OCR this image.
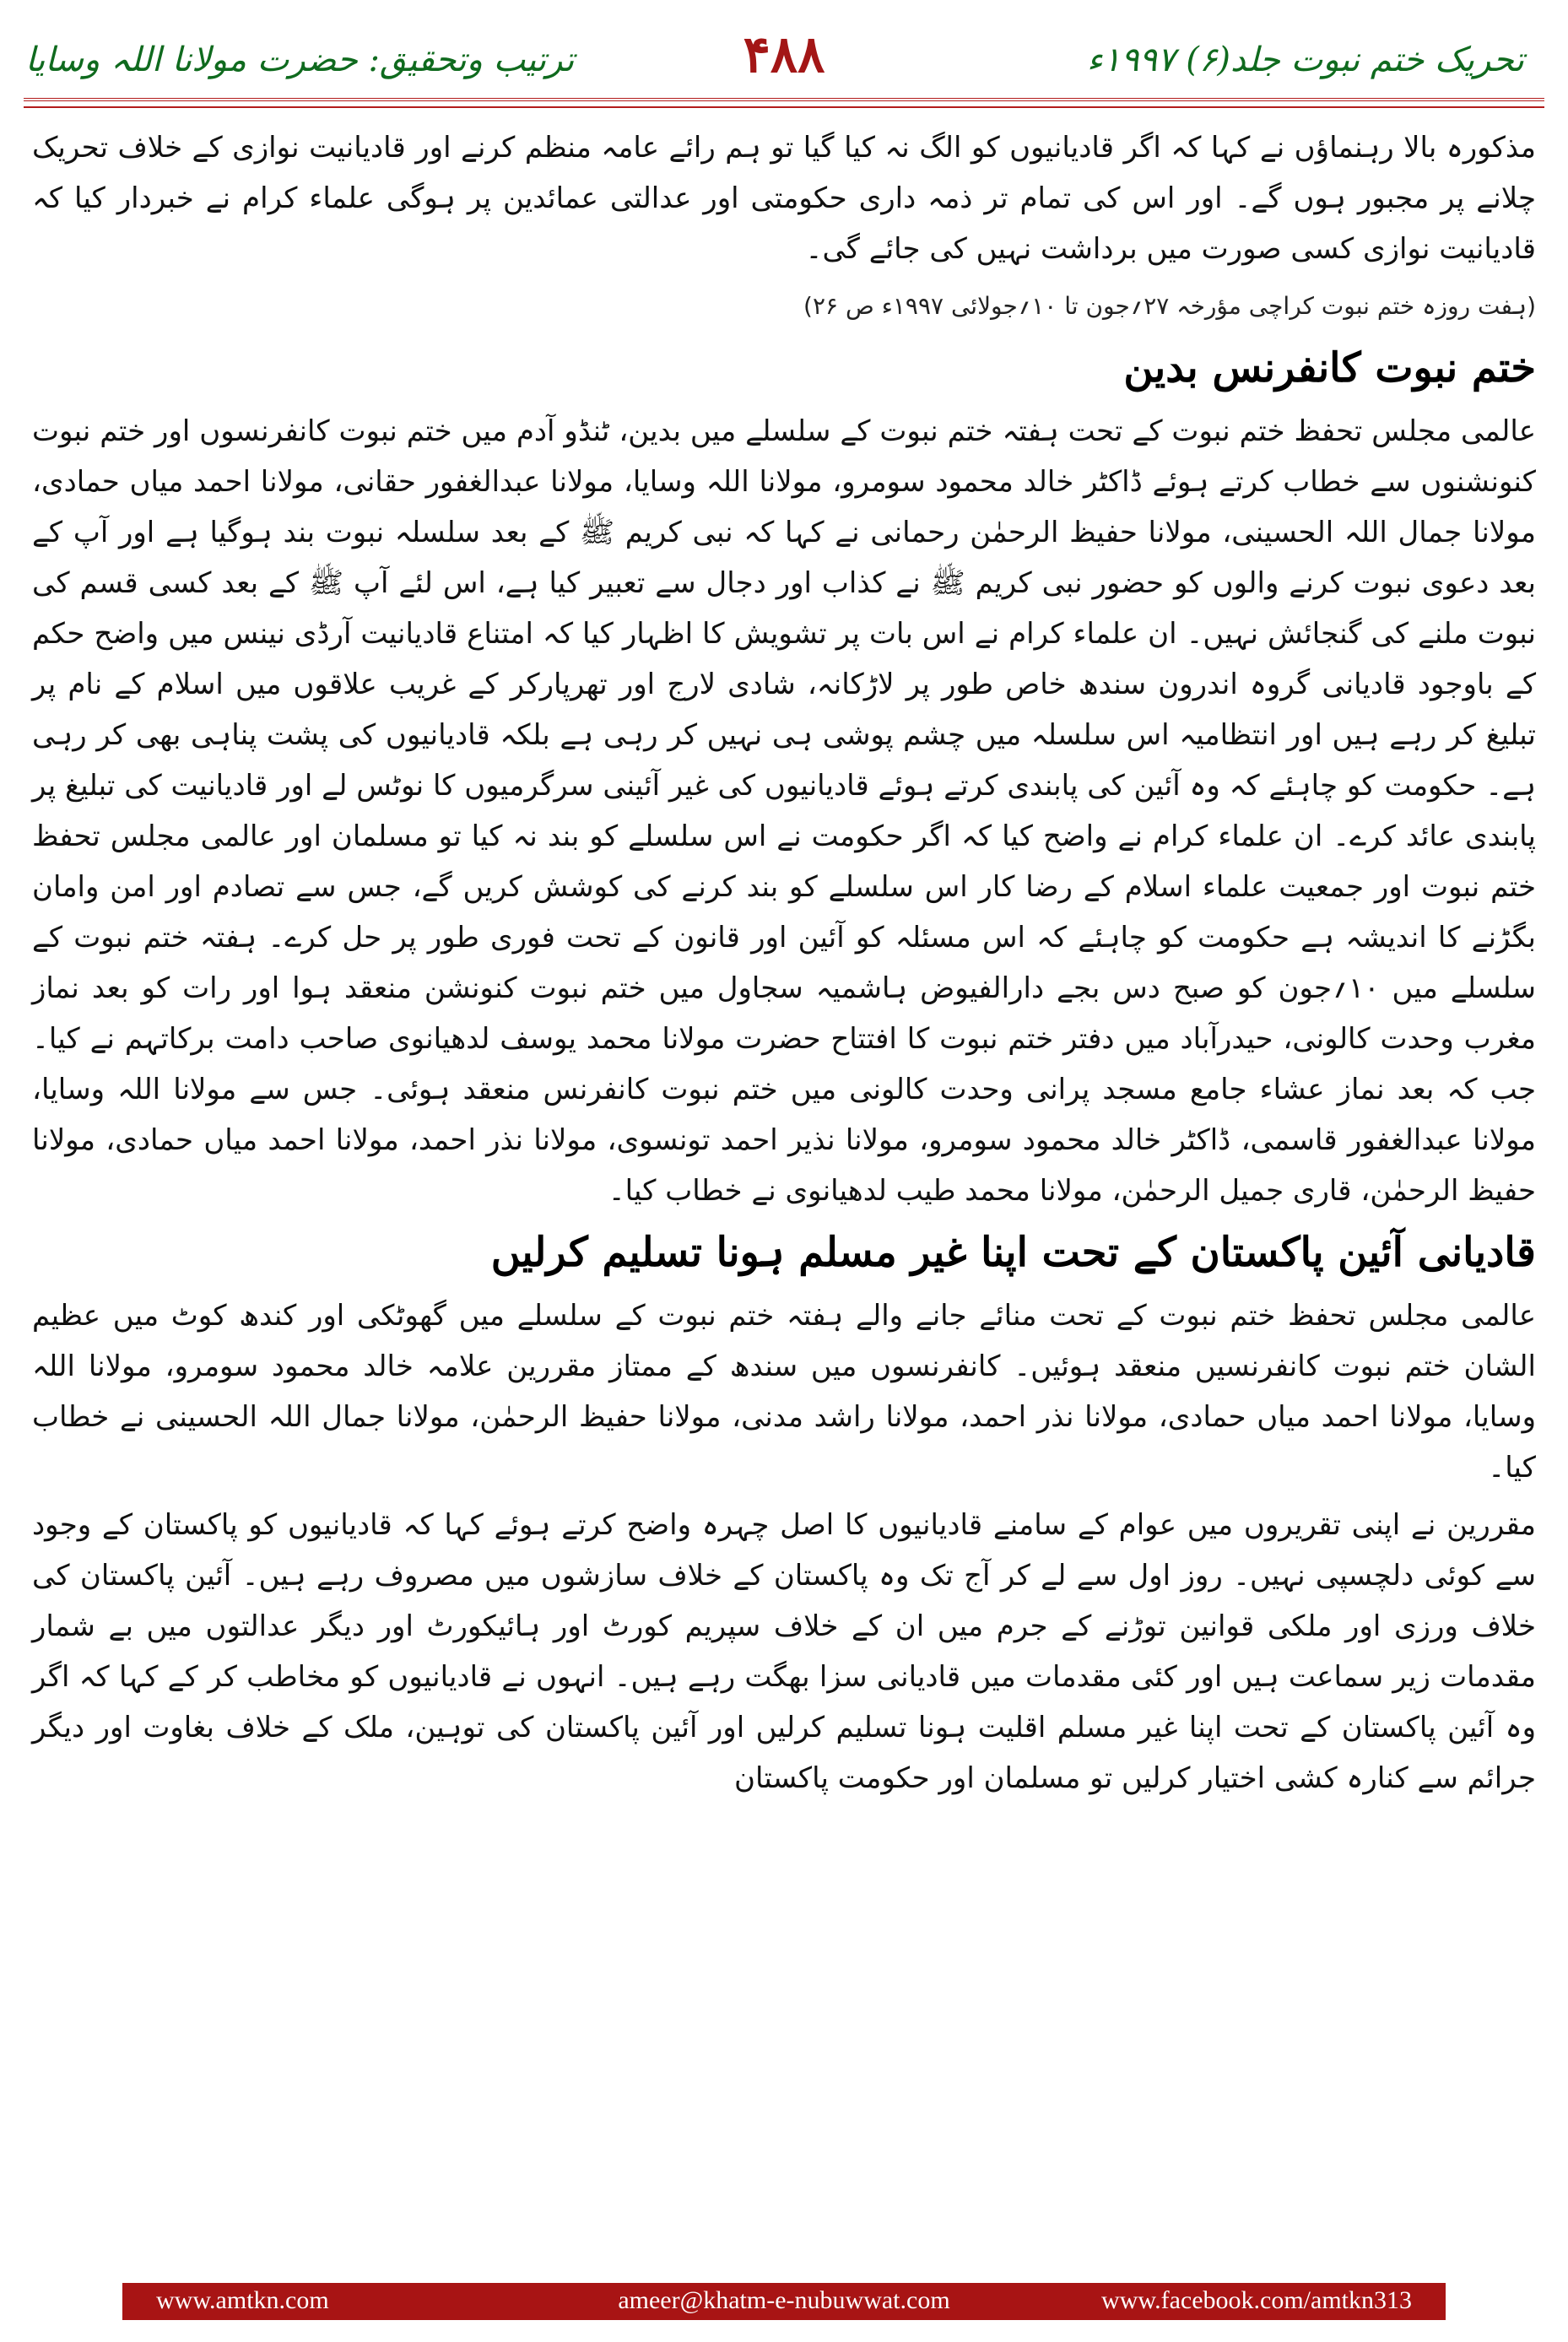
تحریک ختم نبوت جلد(۶) ۱۹۹۷ء
۴۸۸
ترتیب وتحقیق: حضرت مولانا اللہ وسایا

مذکورہ بالا رہنماؤں نے کہا کہ اگر قادیانیوں کو الگ نہ کیا گیا تو ہم رائے عامہ منظم کرنے اور قادیانیت نوازی کے خلاف تحریک چلانے پر مجبور ہوں گے۔ اور اس کی تمام تر ذمہ داری حکومتی اور عدالتی عمائدین پر ہوگی علماء کرام نے خبردار کیا کہ قادیانیت نوازی کسی صورت میں برداشت نہیں کی جائے گی۔

(ہفت روزہ ختم نبوت کراچی مؤرخہ ۲۷؍جون تا ۱۰؍جولائی ۱۹۹۷ء ص ۲۶)

ختم نبوت کانفرنس بدین

عالمی مجلس تحفظ ختم نبوت کے تحت ہفتہ ختم نبوت کے سلسلے میں بدین، ٹنڈو آدم میں ختم نبوت کانفرنسوں اور ختم نبوت کنونشنوں سے خطاب کرتے ہوئے ڈاکٹر خالد محمود سومرو، مولانا اللہ وسایا، مولانا عبدالغفور حقانی، مولانا احمد میاں حمادی، مولانا جمال اللہ الحسینی، مولانا حفیظ الرحمٰن رحمانی نے کہا کہ نبی کریم ﷺ کے بعد سلسلہ نبوت بند ہوگیا ہے اور آپ کے بعد دعوی نبوت کرنے والوں کو حضور نبی کریم ﷺ نے کذاب اور دجال سے تعبیر کیا ہے، اس لئے آپ ﷺ کے بعد کسی قسم کی نبوت ملنے کی گنجائش نہیں۔ ان علماء کرام نے اس بات پر تشویش کا اظہار کیا کہ امتناع قادیانیت آرڈی نینس میں واضح حکم کے باوجود قادیانی گروہ اندرون سندھ خاص طور پر لاڑکانہ، شادی لارج اور تھرپارکر کے غریب علاقوں میں اسلام کے نام پر تبلیغ کر رہے ہیں اور انتظامیہ اس سلسلہ میں چشم پوشی ہی نہیں کر رہی ہے بلکہ قادیانیوں کی پشت پناہی بھی کر رہی ہے۔ حکومت کو چاہئے کہ وہ آئین کی پابندی کرتے ہوئے قادیانیوں کی غیر آئینی سرگرمیوں کا نوٹس لے اور قادیانیت کی تبلیغ پر پابندی عائد کرے۔ ان علماء کرام نے واضح کیا کہ اگر حکومت نے اس سلسلے کو بند نہ کیا تو مسلمان اور عالمی مجلس تحفظ ختم نبوت اور جمعیت علماء اسلام کے رضا کار اس سلسلے کو بند کرنے کی کوشش کریں گے، جس سے تصادم اور امن وامان بگڑنے کا اندیشہ ہے حکومت کو چاہئے کہ اس مسئلہ کو آئین اور قانون کے تحت فوری طور پر حل کرے۔ ہفتہ ختم نبوت کے سلسلے میں ۱۰؍جون کو صبح دس بجے دارالفیوض ہاشمیہ سجاول میں ختم نبوت کنونشن منعقد ہوا اور رات کو بعد نماز مغرب وحدت کالونی، حیدرآباد میں دفتر ختم نبوت کا افتتاح حضرت مولانا محمد یوسف لدھیانوی صاحب دامت برکاتہم نے کیا۔ جب کہ بعد نماز عشاء جامع مسجد پرانی وحدت کالونی میں ختم نبوت کانفرنس منعقد ہوئی۔ جس سے مولانا اللہ وسایا، مولانا عبدالغفور قاسمی، ڈاکٹر خالد محمود سومرو، مولانا نذیر احمد تونسوی، مولانا نذر احمد، مولانا احمد میاں حمادی، مولانا حفیظ الرحمٰن، قاری جمیل الرحمٰن، مولانا محمد طیب لدھیانوی نے خطاب کیا۔

قادیانی آئین پاکستان کے تحت اپنا غیر مسلم ہونا تسلیم کرلیں

عالمی مجلس تحفظ ختم نبوت کے تحت منائے جانے والے ہفتہ ختم نبوت کے سلسلے میں گھوٹکی اور کندھ کوٹ میں عظیم الشان ختم نبوت کانفرنسیں منعقد ہوئیں۔ کانفرنسوں میں سندھ کے ممتاز مقررین علامہ خالد محمود سومرو، مولانا اللہ وسایا، مولانا احمد میاں حمادی، مولانا نذر احمد، مولانا راشد مدنی، مولانا حفیظ الرحمٰن، مولانا جمال اللہ الحسینی نے خطاب کیا۔

مقررین نے اپنی تقریروں میں عوام کے سامنے قادیانیوں کا اصل چہرہ واضح کرتے ہوئے کہا کہ قادیانیوں کو پاکستان کے وجود سے کوئی دلچسپی نہیں۔ روز اول سے لے کر آج تک وہ پاکستان کے خلاف سازشوں میں مصروف رہے ہیں۔ آئین پاکستان کی خلاف ورزی اور ملکی قوانین توڑنے کے جرم میں ان کے خلاف سپریم کورٹ اور ہائیکورٹ اور دیگر عدالتوں میں بے شمار مقدمات زیر سماعت ہیں اور کئی مقدمات میں قادیانی سزا بھگت رہے ہیں۔ انہوں نے قادیانیوں کو مخاطب کر کے کہا کہ اگر وہ آئین پاکستان کے تحت اپنا غیر مسلم اقلیت ہونا تسلیم کرلیں اور آئین پاکستان کی توہین، ملک کے خلاف بغاوت اور دیگر جرائم سے کنارہ کشی اختیار کرلیں تو مسلمان اور حکومت پاکستان

www.amtkn.com	ameer@khatm-e-nubuwwat.com	www.facebook.com/amtkn313
